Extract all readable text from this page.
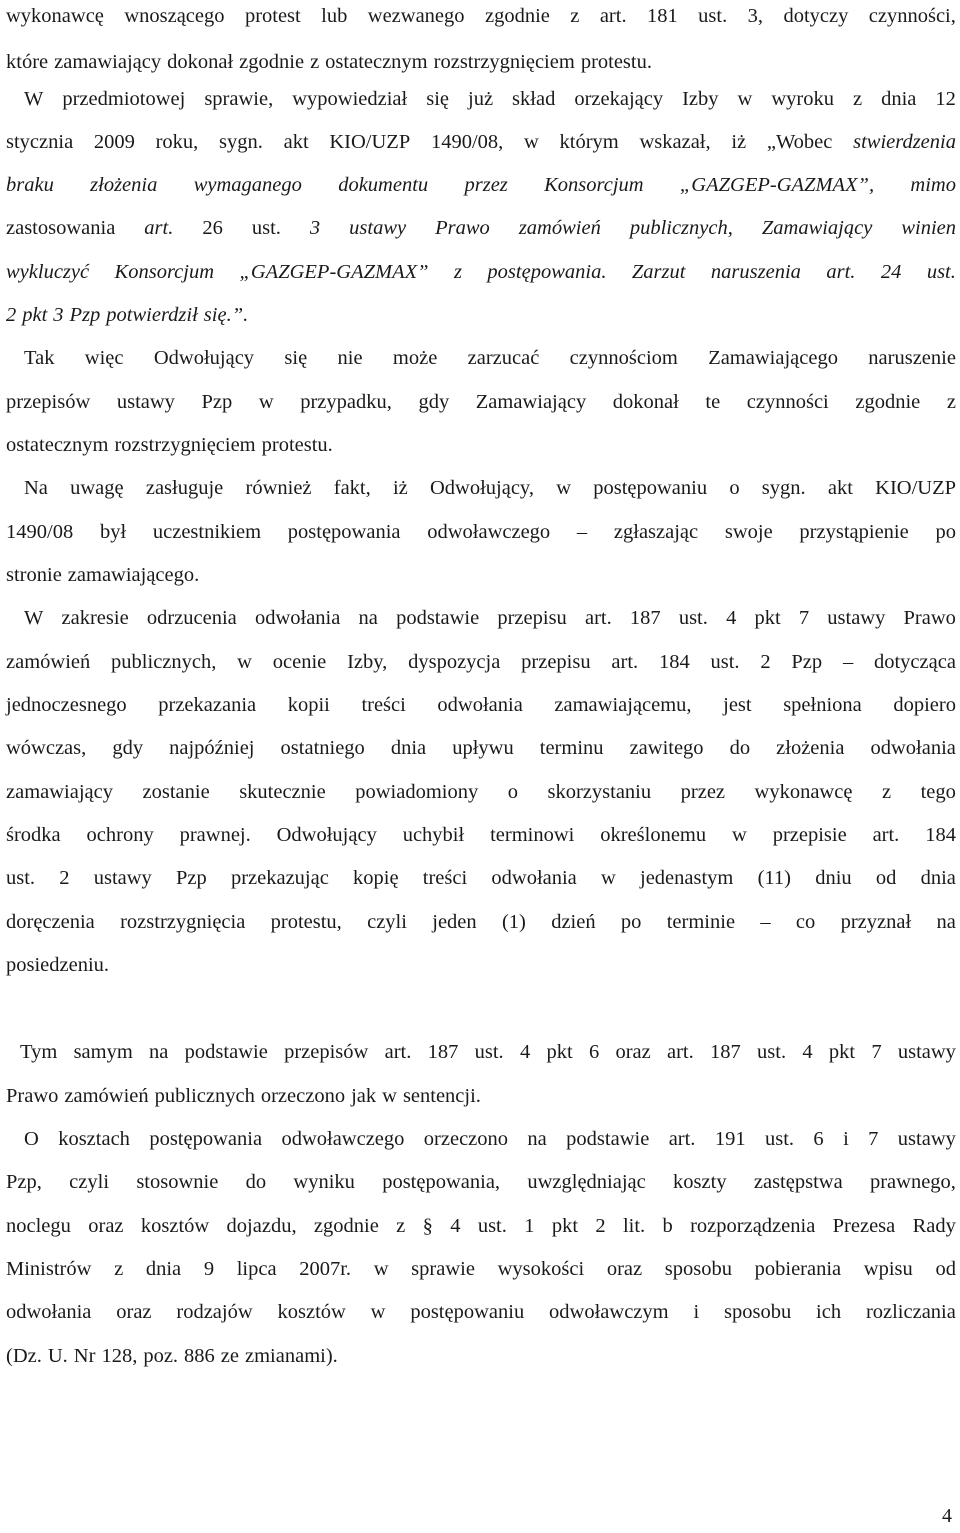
wykonawcę wnoszącego protest lub wezwanego zgodnie z art. 181 ust. 3, dotyczy czynności,
które zamawiający dokonał zgodnie z ostatecznym rozstrzygnięciem protestu.
W przedmiotowej sprawie, wypowiedział się już skład orzekający Izby w wyroku z dnia 12
stycznia 2009 roku, sygn. akt KIO/UZP 1490/08, w którym wskazał, iż „Wobec stwierdzenia
braku złożenia wymaganego dokumentu przez Konsorcjum „GAZGEP-GAZMAX”, mimo
zastosowania art. 26 ust. 3 ustawy Prawo zamówień publicznych, Zamawiający winien
wykluczyć Konsorcjum „GAZGEP-GAZMAX” z postępowania. Zarzut naruszenia art. 24 ust.
2 pkt 3 Pzp potwierdził się.”.
Tak więc Odwołujący się nie może zarzucać czynnościom Zamawiającego naruszenie
przepisów ustawy Pzp w przypadku, gdy Zamawiający dokonał te czynności zgodnie z
ostatecznym rozstrzygnięciem protestu.
Na uwagę zasługuje również fakt, iż Odwołujący, w postępowaniu o sygn. akt KIO/UZP
1490/08 był uczestnikiem postępowania odwoławczego – zgłaszając swoje przystąpienie po
stronie zamawiającego.
W zakresie odrzucenia odwołania na podstawie przepisu art. 187 ust. 4 pkt 7 ustawy Prawo
zamówień publicznych, w ocenie Izby, dyspozycja przepisu art. 184 ust. 2 Pzp – dotycząca
jednoczesnego przekazania kopii treści odwołania zamawiającemu, jest spełniona dopiero
wówczas, gdy najpóźniej ostatniego dnia upływu terminu zawitego do złożenia odwołania
zamawiający zostanie skutecznie powiadomiony o skorzystaniu przez wykonawcę z tego
środka ochrony prawnej. Odwołujący uchybił terminowi określonemu w przepisie art. 184
ust. 2 ustawy Pzp przekazując kopię treści odwołania w jedenastym (11) dniu od dnia
doręczenia rozstrzygnięcia protestu, czyli jeden (1) dzień po terminie – co przyznał na
posiedzeniu.
Tym samym na podstawie przepisów art. 187 ust. 4 pkt 6 oraz art. 187 ust. 4 pkt 7 ustawy
Prawo zamówień publicznych orzeczono jak w sentencji.
O kosztach postępowania odwoławczego orzeczono na podstawie art. 191 ust. 6 i 7 ustawy
Pzp, czyli stosownie do wyniku postępowania, uwzględniając koszty zastępstwa prawnego,
noclegu oraz kosztów dojazdu, zgodnie z § 4 ust. 1 pkt 2 lit. b rozporządzenia Prezesa Rady
Ministrów z dnia 9 lipca 2007r. w sprawie wysokości oraz sposobu pobierania wpisu od
odwołania oraz rodzajów kosztów w postępowaniu odwoławczym i sposobu ich rozliczania
(Dz. U. Nr 128, poz. 886 ze zmianami).
4
